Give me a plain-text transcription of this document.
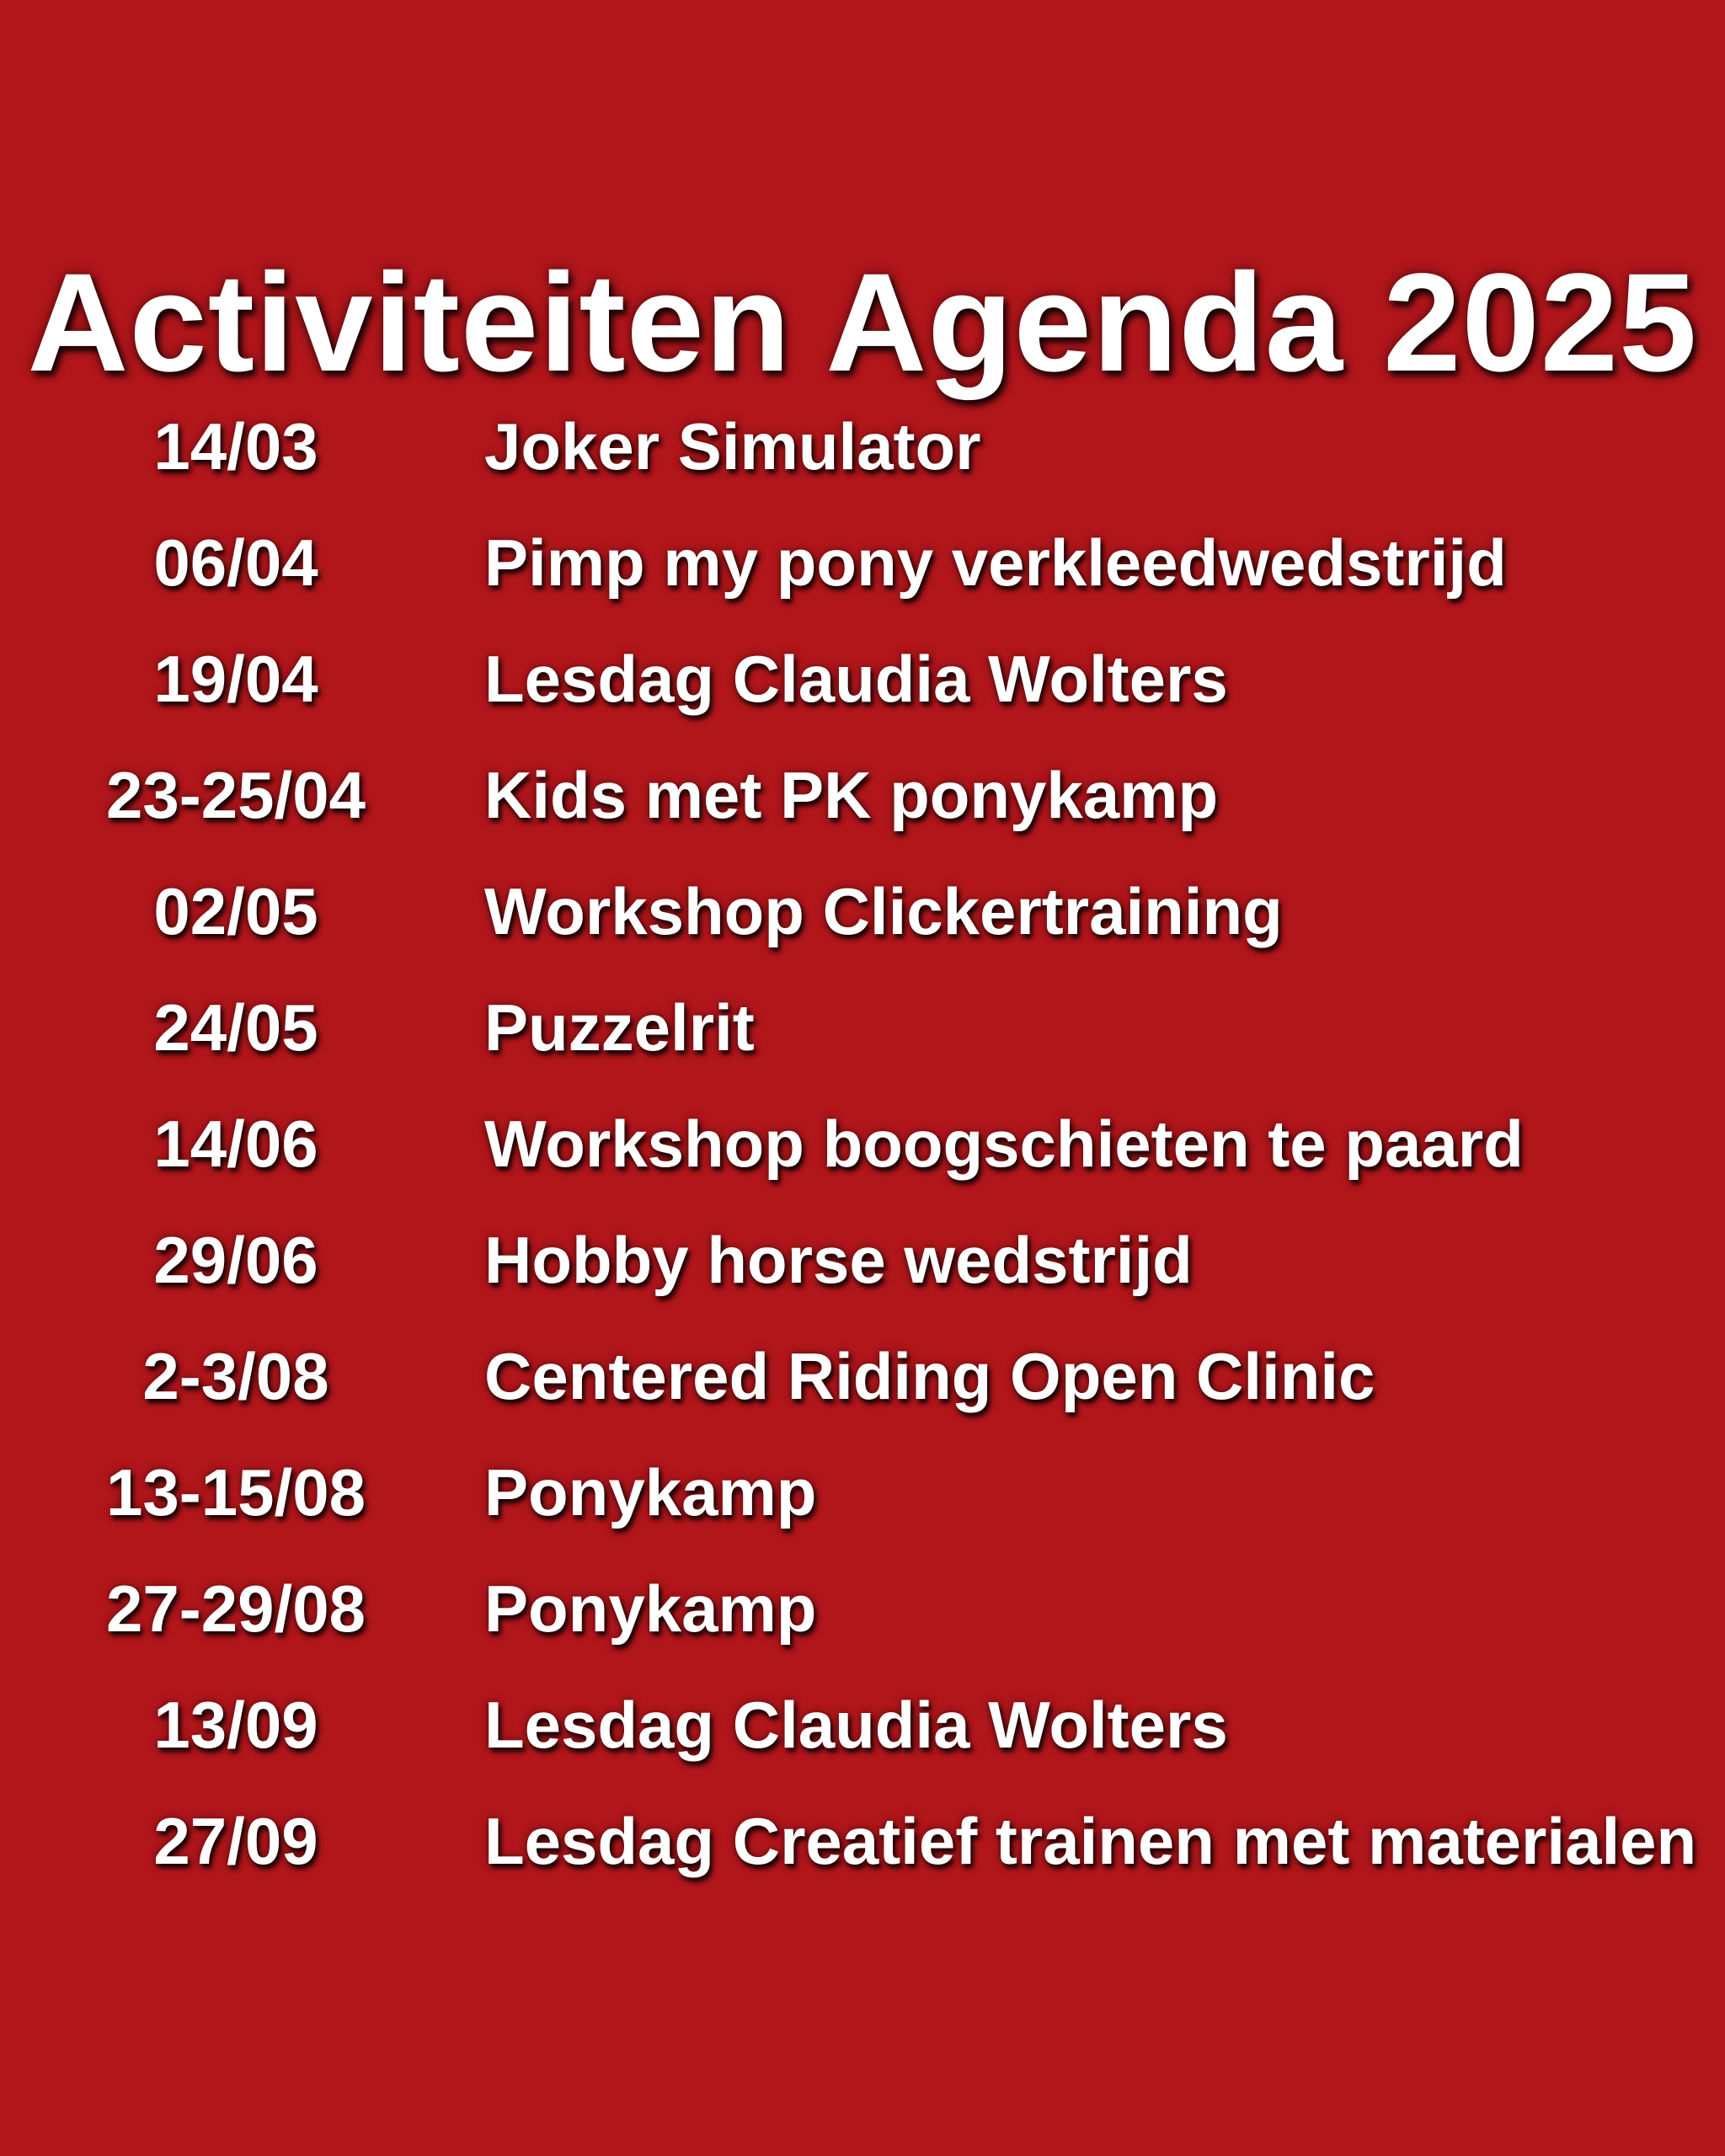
Activiteiten Agenda 2025
14/03	Joker Simulator
06/04	Pimp my pony verkleedwedstrijd
19/04	Lesdag Claudia Wolters
23-25/04	Kids met PK ponykamp
02/05	Workshop Clickertraining
24/05	Puzzelrit
14/06	Workshop boogschieten te paard
29/06	Hobby horse wedstrijd
2-3/08	Centered Riding Open Clinic
13-15/08	Ponykamp
27-29/08	Ponykamp
13/09	Lesdag Claudia Wolters
27/09	Lesdag Creatief trainen met materialen
